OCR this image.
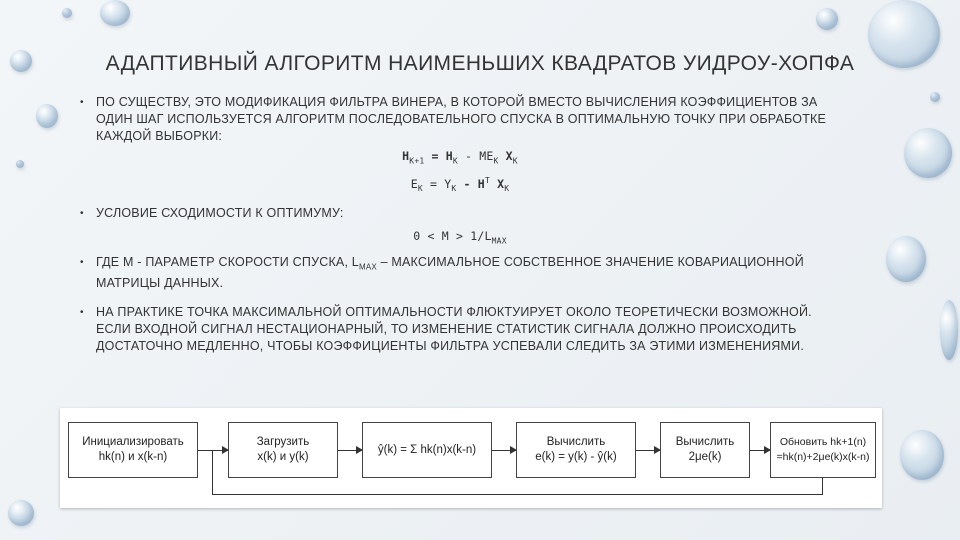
АДАПТИВНЫЙ АЛГОРИТМ НАИМЕНЬШИХ КВАДРАТОВ УИДРОУ-ХОПФА
• ПО СУЩЕСТВУ, ЭТО МОДИФИКАЦИЯ ФИЛЬТРА ВИНЕРА, В КОТОРОЙ ВМЕСТО ВЫЧИСЛЕНИЯ КОЭФФИЦИЕНТОВ ЗА ОДИН ШАГ ИСПОЛЬЗУЕТСЯ АЛГОРИТМ ПОСЛЕДОВАТЕЛЬНОГО СПУСКА В ОПТИМАЛЬНУЮ ТОЧКУ ПРИ ОБРАБОТКЕ КАЖДОЙ ВЫБОРКИ:
$H_{K+1} = H_K - ME_K$ $X_K$
$E_K = Y_K - H^T$ $X_K$
• УСЛОВИЕ СХОДИМОСТИ К ОПТИМУМУ:
$0 < M > 1/L_{MAX}$
• ГДЕ Μ - ПАРАМЕТР СКОРОСТИ СПУСКА, $L_{MAX}$ – МАКСИМАЛЬНОЕ СОБСТВЕННОЕ ЗНАЧЕНИЕ КОВАРИАЦИОННОЙ МАТРИЦЫ ДАННЫХ.
• НА ПРАКТИКЕ ТОЧКА МАКСИМАЛЬНОЙ ОПТИМАЛЬНОСТИ ФЛЮКТУИРУЕТ ОКОЛО ТЕОРЕТИЧЕСКИ ВОЗМОЖНОЙ. ЕСЛИ ВХОДНОЙ СИГНАЛ НЕСТАЦИОНАРНЫЙ, ТО ИЗМЕНЕНИЕ СТАТИСТИК СИГНАЛА ДОЛЖНО ПРОИСХОДИТЬ ДОСТАТОЧНО МЕДЛЕННО, ЧТОБЫ КОЭФФИЦИЕНТЫ ФИЛЬТРА УСПЕВАЛИ СЛЕДИТЬ ЗА ЭТИМИ ИЗМЕНЕНИЯМИ.
Инициализировать
hk(n) и x(k-n)
Загрузить
x(k) и y(k)
ŷ(k) = Σ hk(n)x(k-n)
Вычислить
e(k) = y(k) - ŷ(k)
Вычислить
2μe(k)
Обновить hk+1(n)
=hk(n)+2μe(k)x(k-n)
